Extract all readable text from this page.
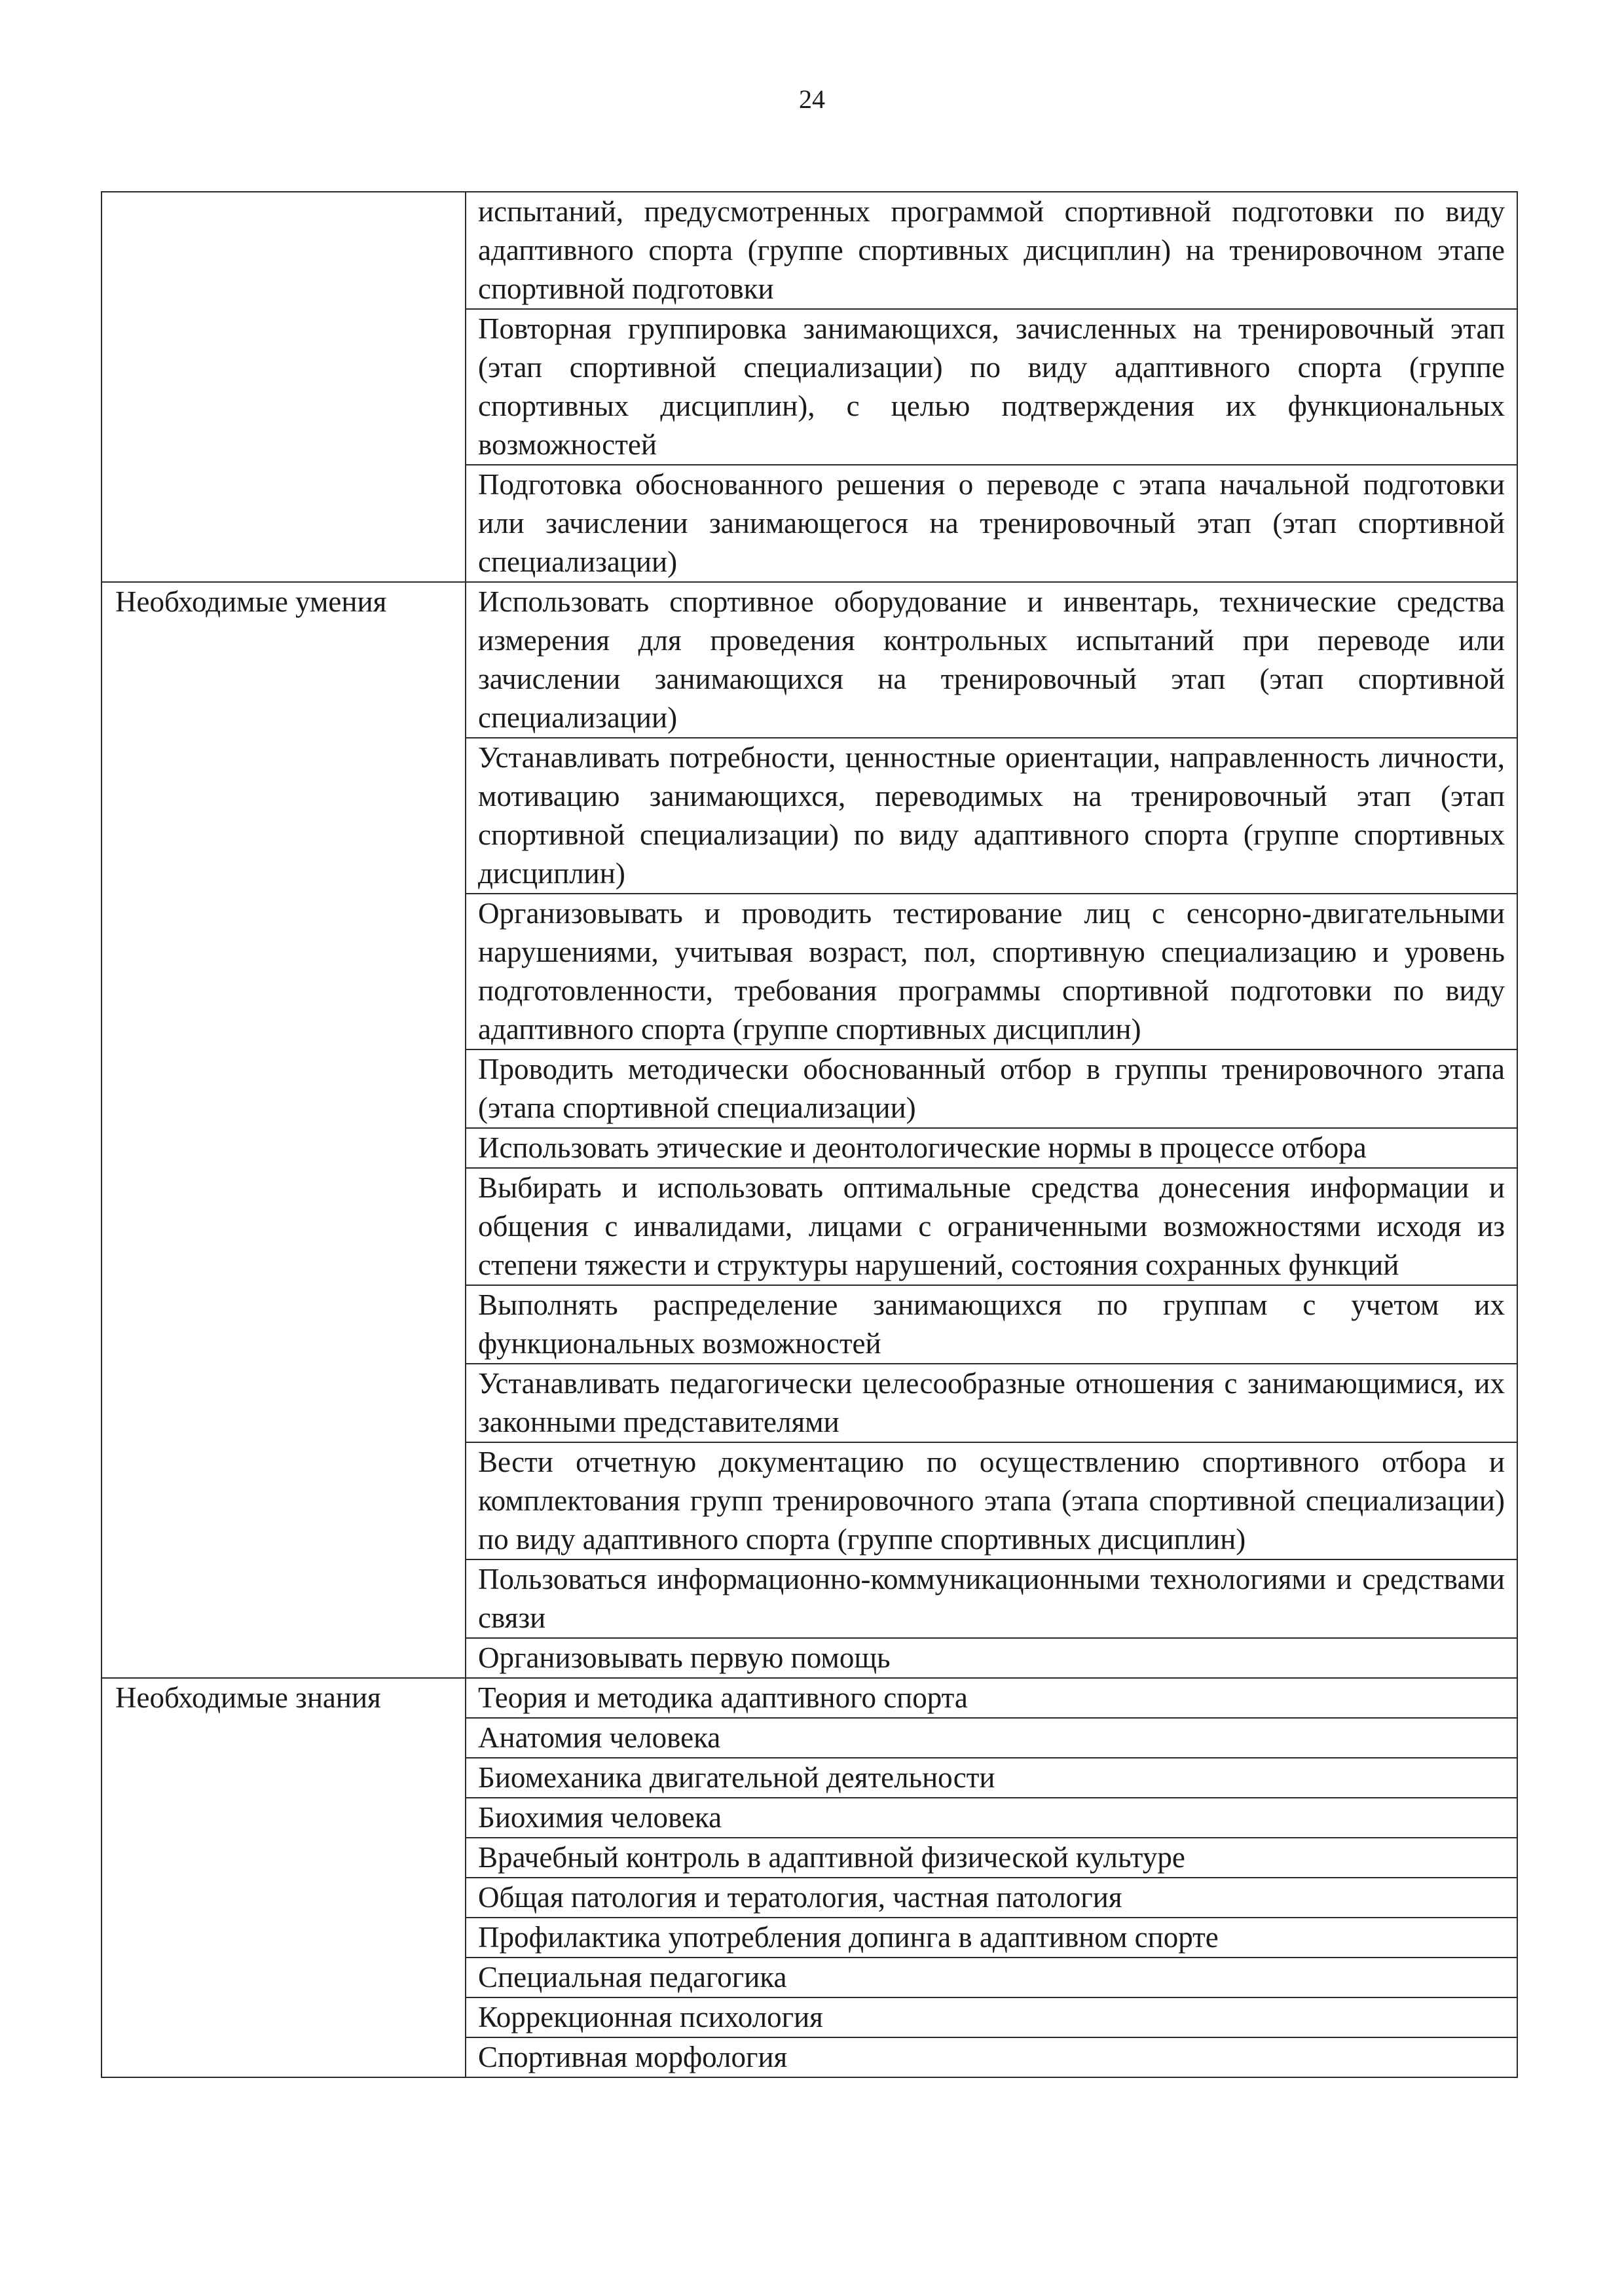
24
	испытаний, предусмотренных программой спортивной подготовки по виду адаптивного спорта (группе спортивных дисциплин) на тренировочном этапе спортивной подготовки
	Повторная группировка занимающихся, зачисленных на тренировочный этап (этап спортивной специализации) по виду адаптивного спорта (группе спортивных дисциплин), с целью подтверждения их функциональных возможностей
	Подготовка обоснованного решения о переводе с этапа начальной подготовки или зачислении занимающегося на тренировочный этап (этап спортивной специализации)
Необходимые умения	Использовать спортивное оборудование и инвентарь, технические средства измерения для проведения контрольных испытаний при переводе или зачислении занимающихся на тренировочный этап (этап спортивной специализации)
	Устанавливать потребности, ценностные ориентации, направленность личности, мотивацию занимающихся, переводимых на тренировочный этап (этап спортивной специализации) по виду адаптивного спорта (группе спортивных дисциплин)
	Организовывать и проводить тестирование лиц с сенсорно-двигательными нарушениями, учитывая возраст, пол, спортивную специализацию и уровень подготовленности, требования программы спортивной подготовки по виду адаптивного спорта (группе спортивных дисциплин)
	Проводить методически обоснованный отбор в группы тренировочного этапа (этапа спортивной специализации)
	Использовать этические и деонтологические нормы в процессе отбора
	Выбирать и использовать оптимальные средства донесения информации и общения с инвалидами, лицами с ограниченными возможностями исходя из степени тяжести и структуры нарушений, состояния сохранных функций
	Выполнять распределение занимающихся по группам с учетом их функциональных возможностей
	Устанавливать педагогически целесообразные отношения с занимающимися, их законными представителями
	Вести отчетную документацию по осуществлению спортивного отбора и комплектования групп тренировочного этапа (этапа спортивной специализации) по виду адаптивного спорта (группе спортивных дисциплин)
	Пользоваться информационно-коммуникационными технологиями и средствами связи
	Организовывать первую помощь
Необходимые знания	Теория и методика адаптивного спорта
	Анатомия человека
	Биомеханика двигательной деятельности
	Биохимия человека
	Врачебный контроль в адаптивной физической культуре
	Общая патология и тератология, частная патология
	Профилактика употребления допинга в адаптивном спорте
	Специальная педагогика
	Коррекционная психология
	Спортивная морфология
